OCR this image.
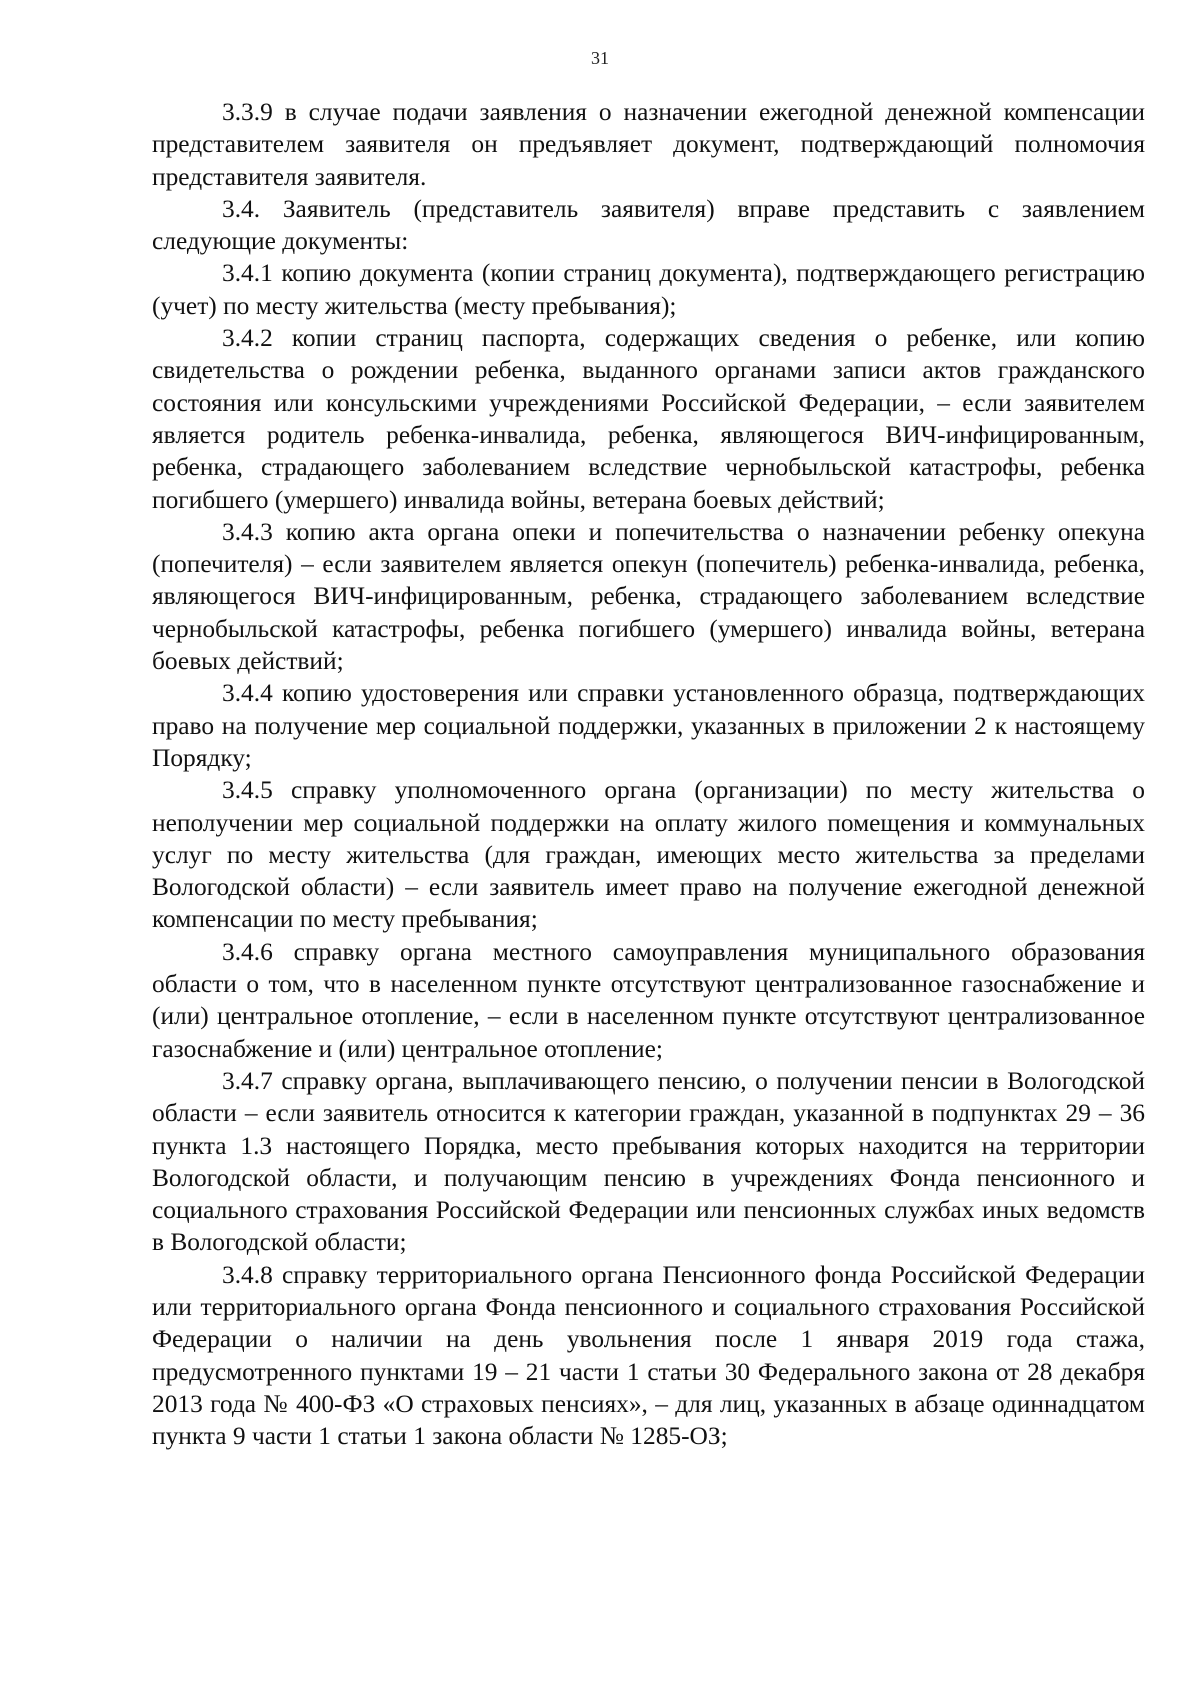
31

3.3.9 в случае подачи заявления о назначении ежегодной денежной компенсации представителем заявителя он предъявляет документ, подтверждающий полномочия представителя заявителя.

3.4. Заявитель (представитель заявителя) вправе представить с заявлением следующие документы:

3.4.1 копию документа (копии страниц документа), подтверждающего регистрацию (учет) по месту жительства (месту пребывания);

3.4.2 копии страниц паспорта, содержащих сведения о ребенке, или копию свидетельства о рождении ребенка, выданного органами записи актов гражданского состояния или консульскими учреждениями Российской Федерации, – если заявителем является родитель ребенка-инвалида, ребенка, являющегося ВИЧ-инфицированным, ребенка, страдающего заболеванием вследствие чернобыльской катастрофы, ребенка погибшего (умершего) инвалида войны, ветерана боевых действий;

3.4.3 копию акта органа опеки и попечительства о назначении ребенку опекуна (попечителя) – если заявителем является опекун (попечитель) ребенка-инвалида, ребенка, являющегося ВИЧ-инфицированным, ребенка, страдающего заболеванием вследствие чернобыльской катастрофы, ребенка погибшего (умершего) инвалида войны, ветерана боевых действий;

3.4.4 копию удостоверения или справки установленного образца, подтверждающих право на получение мер социальной поддержки, указанных в приложении 2 к настоящему Порядку;

3.4.5 справку уполномоченного органа (организации) по месту жительства о неполучении мер социальной поддержки на оплату жилого помещения и коммунальных услуг по месту жительства (для граждан, имеющих место жительства за пределами Вологодской области) – если заявитель имеет право на получение ежегодной денежной компенсации по месту пребывания;

3.4.6 справку органа местного самоуправления муниципального образования области о том, что в населенном пункте отсутствуют централизованное газоснабжение и (или) центральное отопление, – если в населенном пункте отсутствуют централизованное газоснабжение и (или) центральное отопление;

3.4.7 справку органа, выплачивающего пенсию, о получении пенсии в Вологодской области – если заявитель относится к категории граждан, указанной в подпунктах 29 – 36 пункта 1.3 настоящего Порядка, место пребывания которых находится на территории Вологодской области, и получающим пенсию в учреждениях Фонда пенсионного и социального страхования Российской Федерации или пенсионных службах иных ведомств в Вологодской области;

3.4.8 справку территориального органа Пенсионного фонда Российской Федерации или территориального органа Фонда пенсионного и социального страхования Российской Федерации о наличии на день увольнения после 1 января 2019 года стажа, предусмотренного пунктами 19 – 21 части 1 статьи 30 Федерального закона от 28 декабря 2013 года № 400-ФЗ «О страховых пенсиях», – для лиц, указанных в абзаце одиннадцатом пункта 9 части 1 статьи 1 закона области № 1285-ОЗ;
